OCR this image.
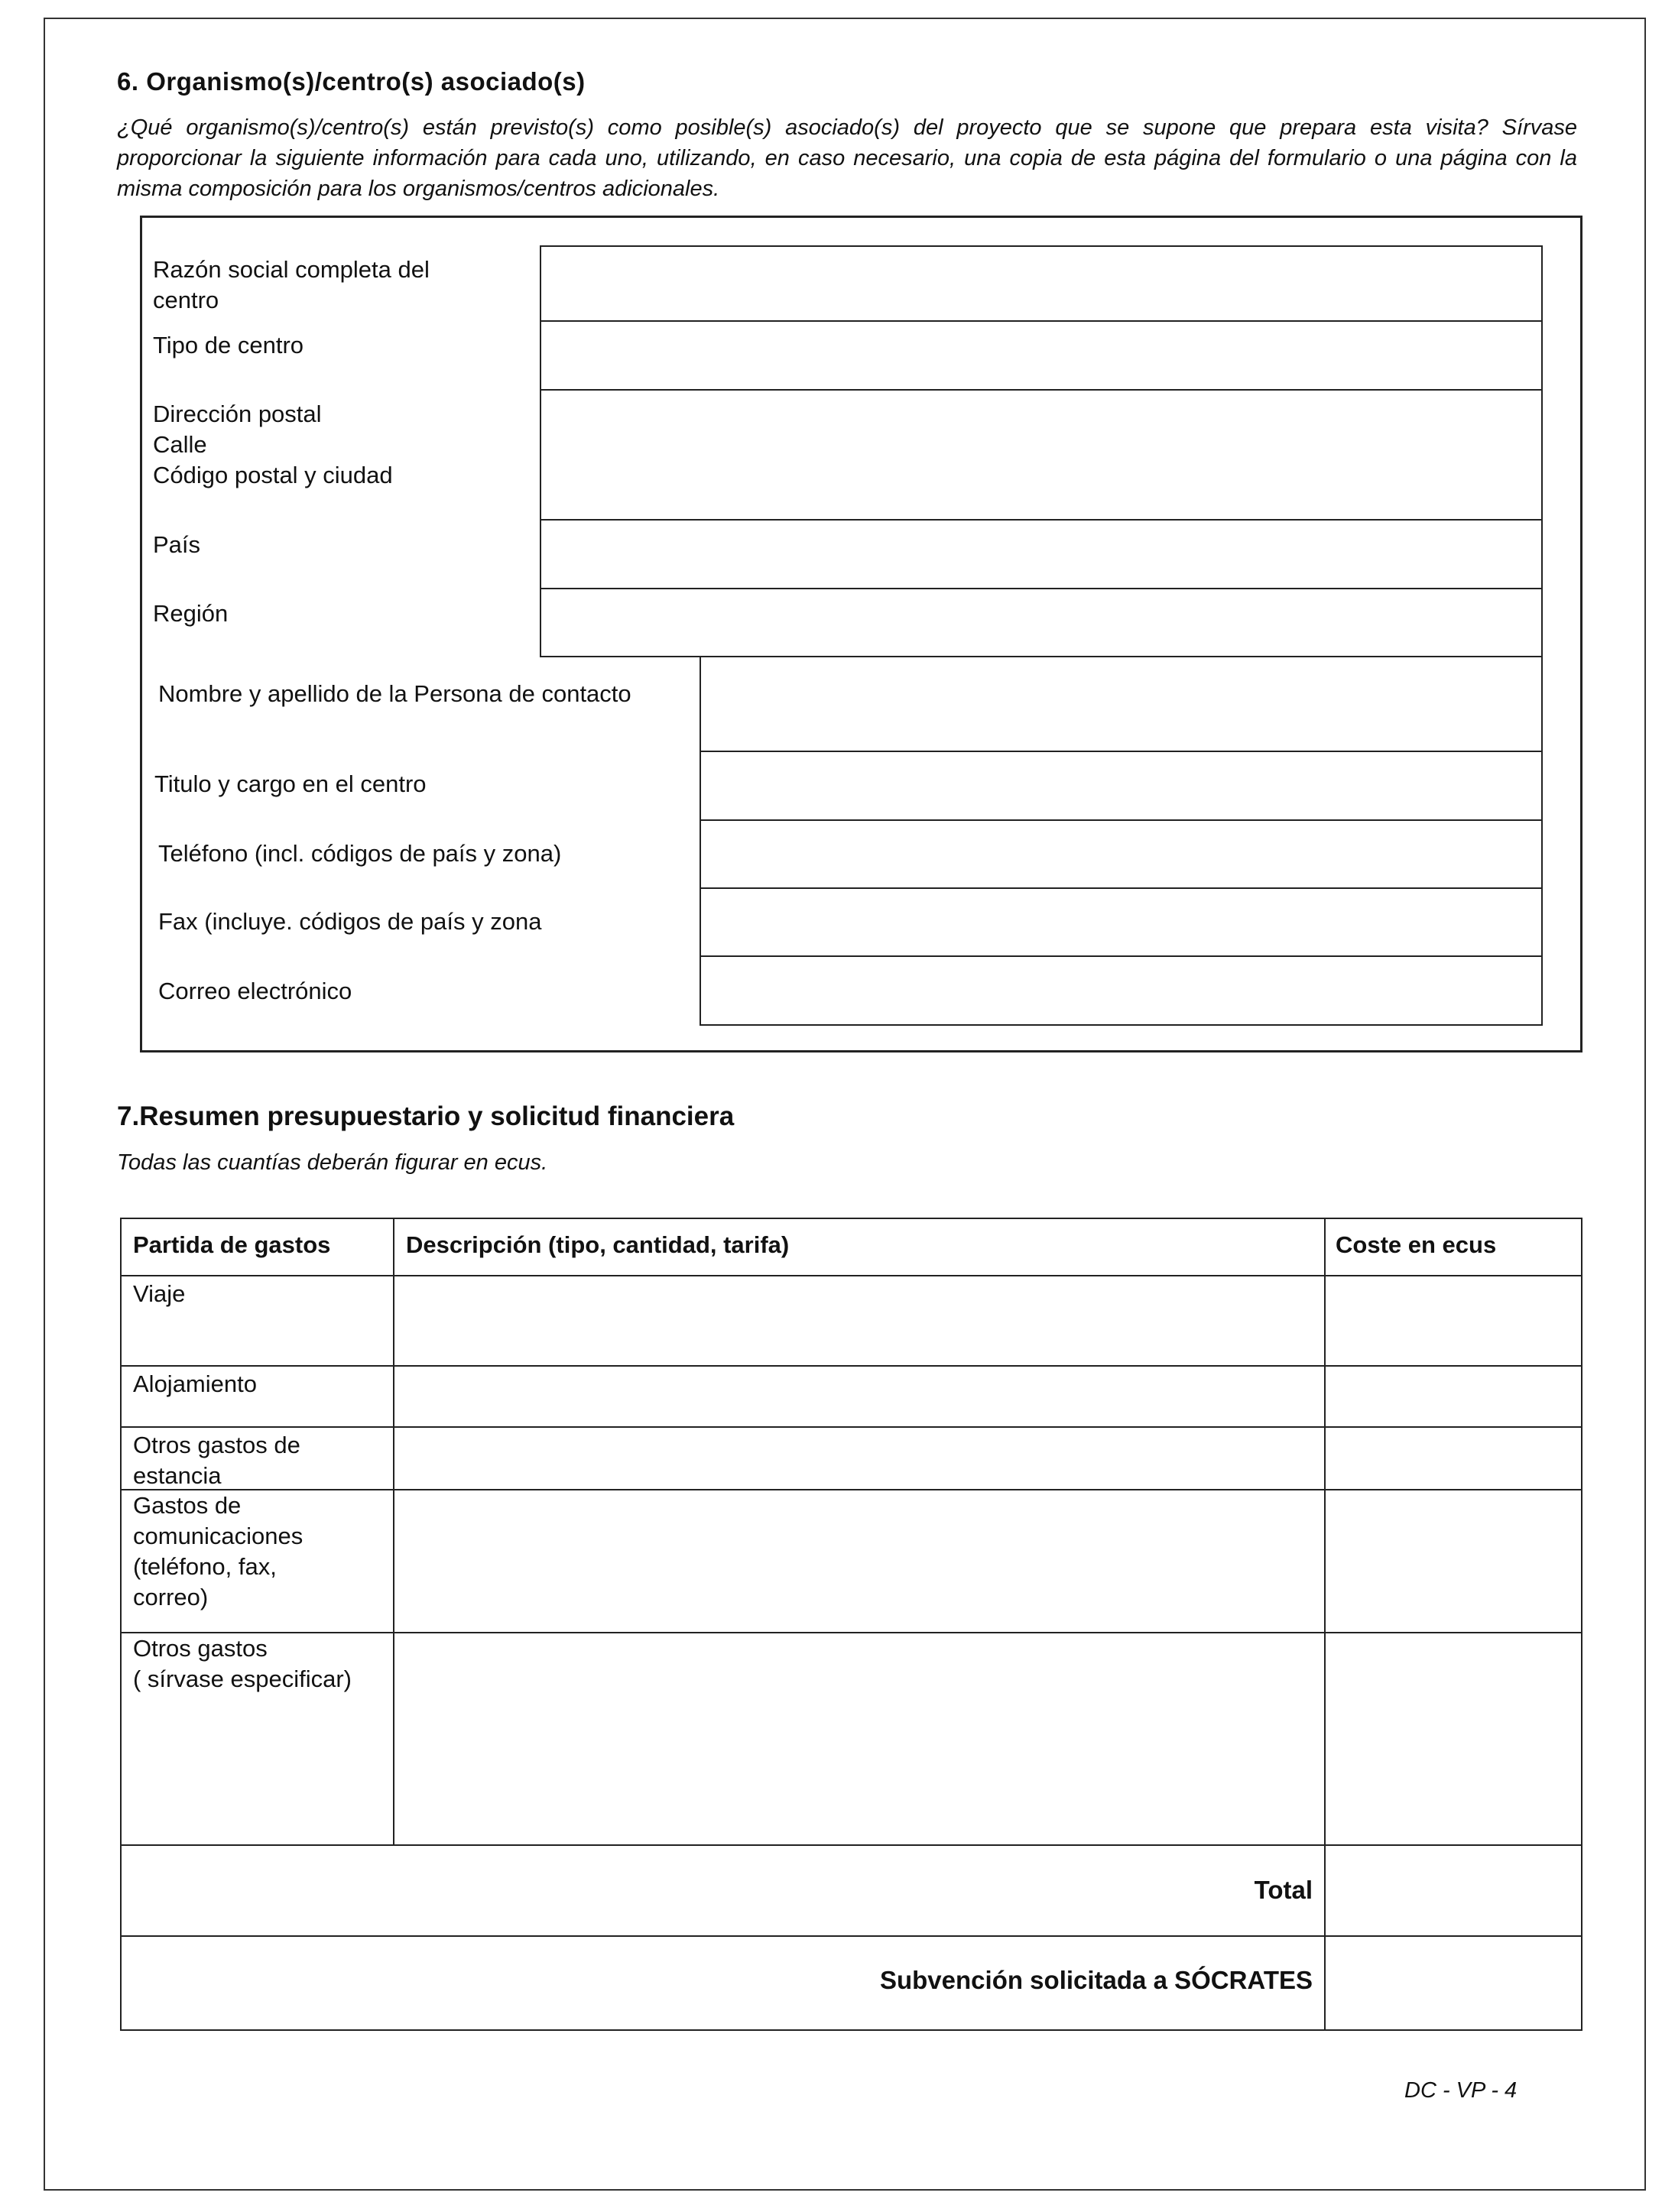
6. Organismo(s)/centro(s) asociado(s)
¿Qué organismo(s)/centro(s) están previsto(s) como posible(s) asociado(s) del proyecto que se supone que prepara esta visita? Sírvase proporcionar la siguiente información para cada uno, utilizando, en caso necesario, una copia de esta página del formulario o una página con la misma composición para los organismos/centros adicionales.
Razón social completa del
centro
Tipo de centro
Dirección postal
Calle
Código postal y ciudad
País
Región
Nombre y apellido de la Persona de contacto
Titulo y cargo en el centro
Teléfono (incl. códigos de país y zona)
Fax (incluye. códigos de país y zona
Correo electrónico
7.Resumen presupuestario y solicitud financiera
Todas las cuantías deberán figurar en ecus.
Partida de gastos	Descripción (tipo, cantidad, tarifa)	Coste en ecus
Viaje
Alojamiento
Otros gastos de
estancia
Gastos de
comunicaciones
(teléfono, fax,
correo)
Otros gastos
( sírvase especificar)
Total
Subvención solicitada a SÓCRATES
DC - VP - 4
